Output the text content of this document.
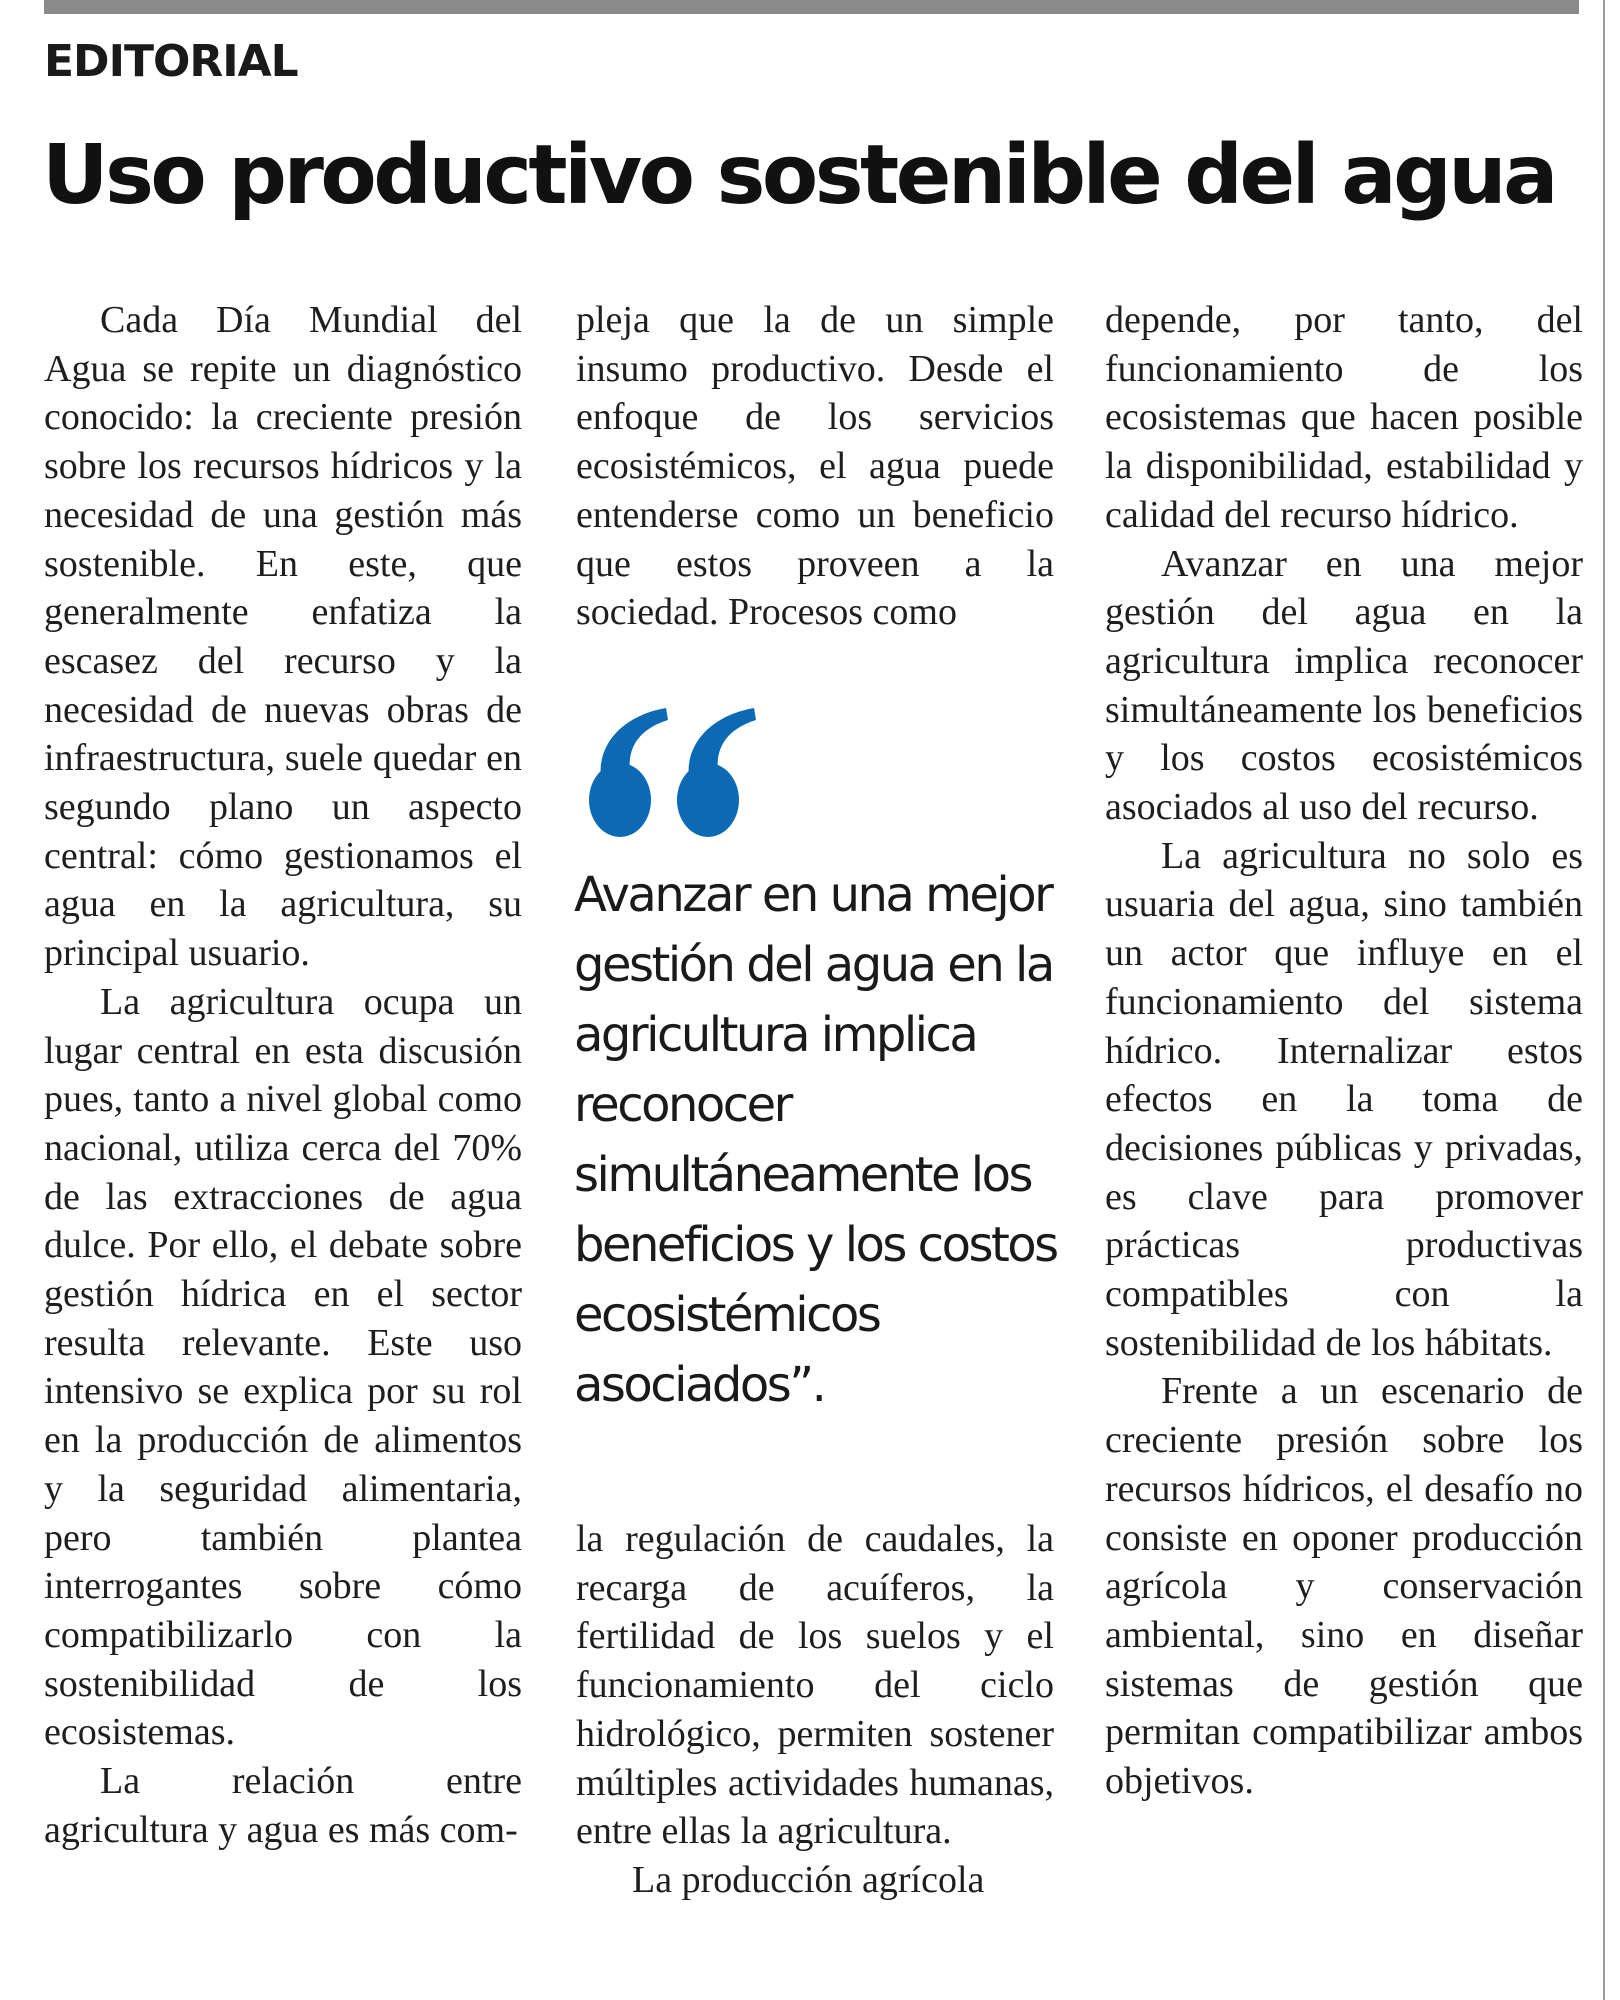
EDITORIAL
Uso productivo sostenible del agua

Cada Día Mundial del Agua se repite un diagnóstico conocido: la creciente presión sobre los recursos hídricos y la necesidad de una gestión más sostenible. En este, que generalmente enfatiza la escasez del recurso y la necesidad de nuevas obras de infraestructura, suele quedar en segundo plano un aspecto central: cómo gestionamos el agua en la agricultura, su principal usuario.

La agricultura ocupa un lugar central en esta discusión pues, tanto a nivel global como nacional, utiliza cerca del 70% de las extracciones de agua dulce. Por ello, el debate sobre gestión hídrica en el sector resulta relevante. Este uso intensivo se explica por su rol en la producción de alimentos y la seguridad alimentaria, pero también plantea interrogantes sobre cómo compatibilizarlo con la sostenibilidad de los ecosistemas.

La relación entre agricultura y agua es más com-

pleja que la de un simple insumo productivo. Desde el enfoque de los servicios ecosistémicos, el agua puede entenderse como un beneficio que estos proveen a la sociedad. Procesos como

Avanzar en una mejor gestión del agua en la agricultura implica reconocer simultáneamente los beneficios y los costos ecosistémicos asociados”.

la regulación de caudales, la recarga de acuíferos, la fertilidad de los suelos y el funcionamiento del ciclo hidrológico, permiten sostener múltiples actividades humanas, entre ellas la agricultura.

La producción agrícola

depende, por tanto, del funcionamiento de los ecosistemas que hacen posible la disponibilidad, estabilidad y calidad del recurso hídrico.

Avanzar en una mejor gestión del agua en la agricultura implica reconocer simultáneamente los beneficios y los costos ecosistémicos asociados al uso del recurso.

La agricultura no solo es usuaria del agua, sino también un actor que influye en el funcionamiento del sistema hídrico. Internalizar estos efectos en la toma de decisiones públicas y privadas, es clave para promover prácticas productivas compatibles con la sostenibilidad de los hábitats.

Frente a un escenario de creciente presión sobre los recursos hídricos, el desafío no consiste en oponer producción agrícola y conservación ambiental, sino en diseñar sistemas de gestión que permitan compatibilizar ambos objetivos.
